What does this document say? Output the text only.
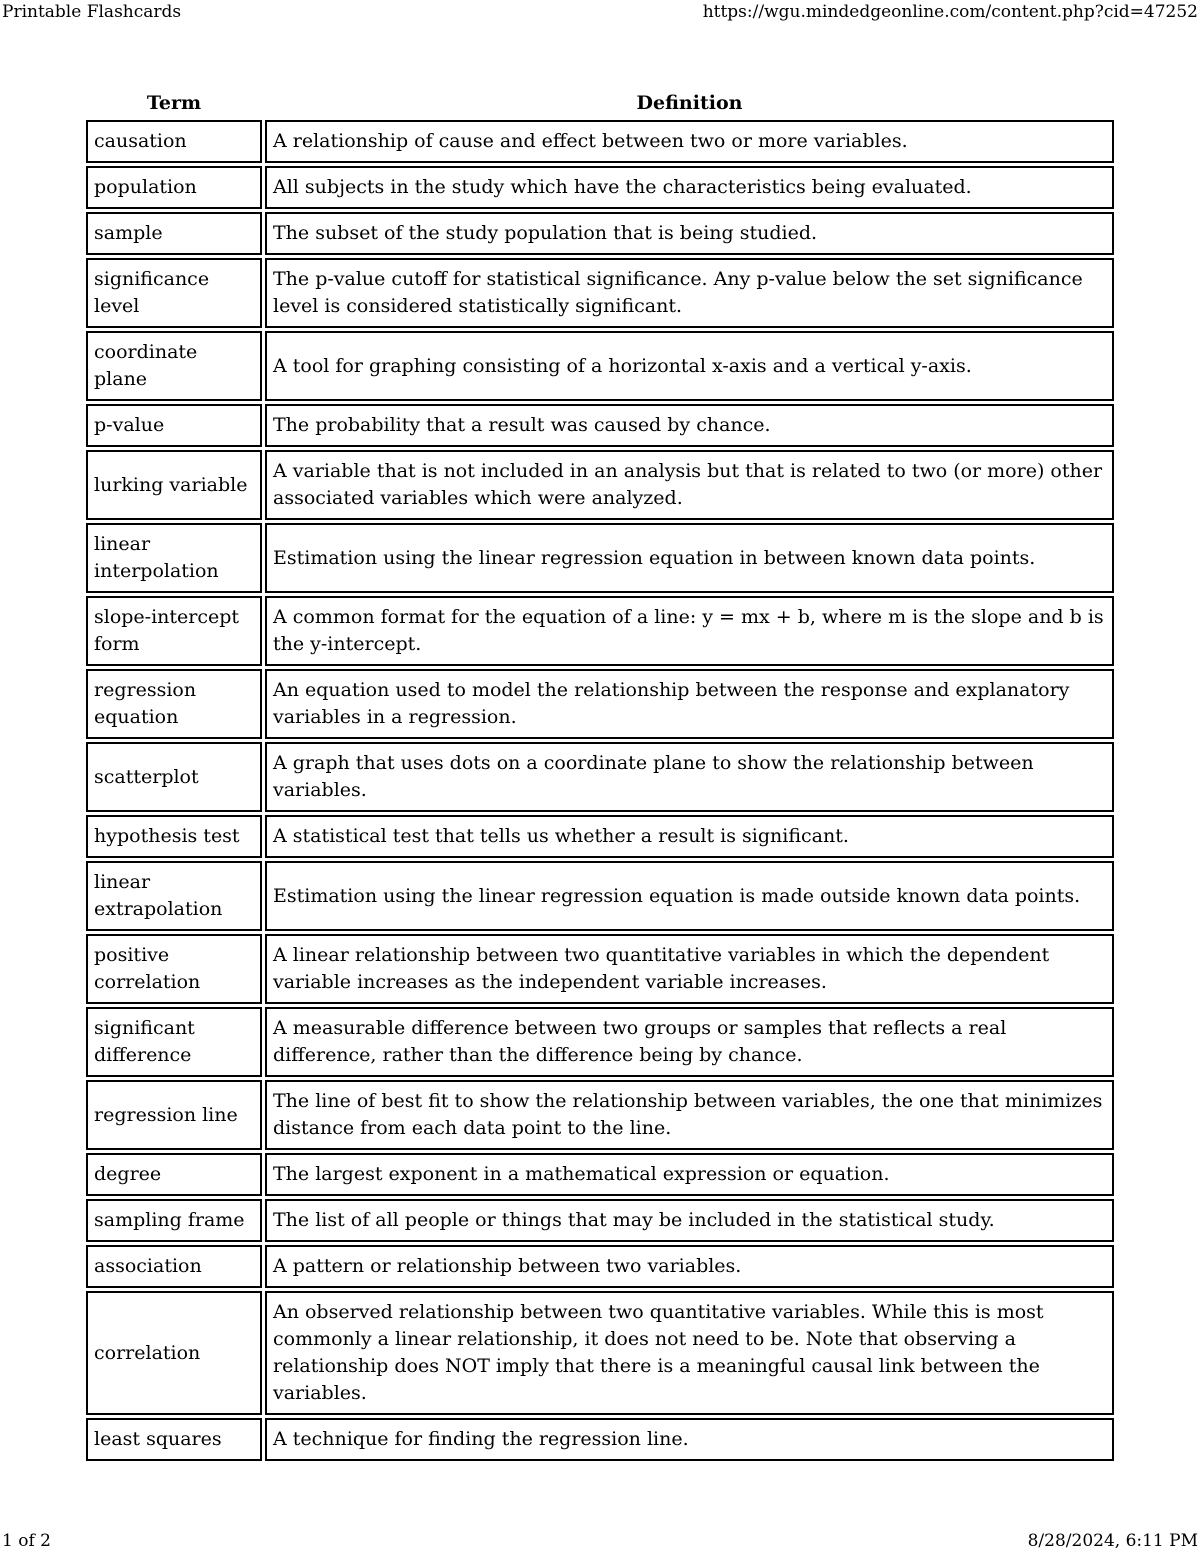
Printable Flashcards	https://wgu.mindedgeonline.com/content.php?cid=47252
Term	Definition
causation	A relationship of cause and effect between two or more variables.
population	All subjects in the study which have the characteristics being evaluated.
sample	The subset of the study population that is being studied.
significance level	The p-value cutoff for statistical significance. Any p-value below the set significance level is considered statistically significant.
coordinate plane	A tool for graphing consisting of a horizontal x-axis and a vertical y-axis.
p-value	The probability that a result was caused by chance.
lurking variable	A variable that is not included in an analysis but that is related to two (or more) other associated variables which were analyzed.
linear interpolation	Estimation using the linear regression equation in between known data points.
slope-intercept form	A common format for the equation of a line: y = mx + b, where m is the slope and b is the y-intercept.
regression equation	An equation used to model the relationship between the response and explanatory variables in a regression.
scatterplot	A graph that uses dots on a coordinate plane to show the relationship between variables.
hypothesis test	A statistical test that tells us whether a result is significant.
linear extrapolation	Estimation using the linear regression equation is made outside known data points.
positive correlation	A linear relationship between two quantitative variables in which the dependent variable increases as the independent variable increases.
significant difference	A measurable difference between two groups or samples that reflects a real difference, rather than the difference being by chance.
regression line	The line of best fit to show the relationship between variables, the one that minimizes distance from each data point to the line.
degree	The largest exponent in a mathematical expression or equation.
sampling frame	The list of all people or things that may be included in the statistical study.
association	A pattern or relationship between two variables.
correlation	An observed relationship between two quantitative variables. While this is most commonly a linear relationship, it does not need to be. Note that observing a relationship does NOT imply that there is a meaningful causal link between the variables.
least squares	A technique for finding the regression line.
1 of 2	8/28/2024, 6:11 PM
